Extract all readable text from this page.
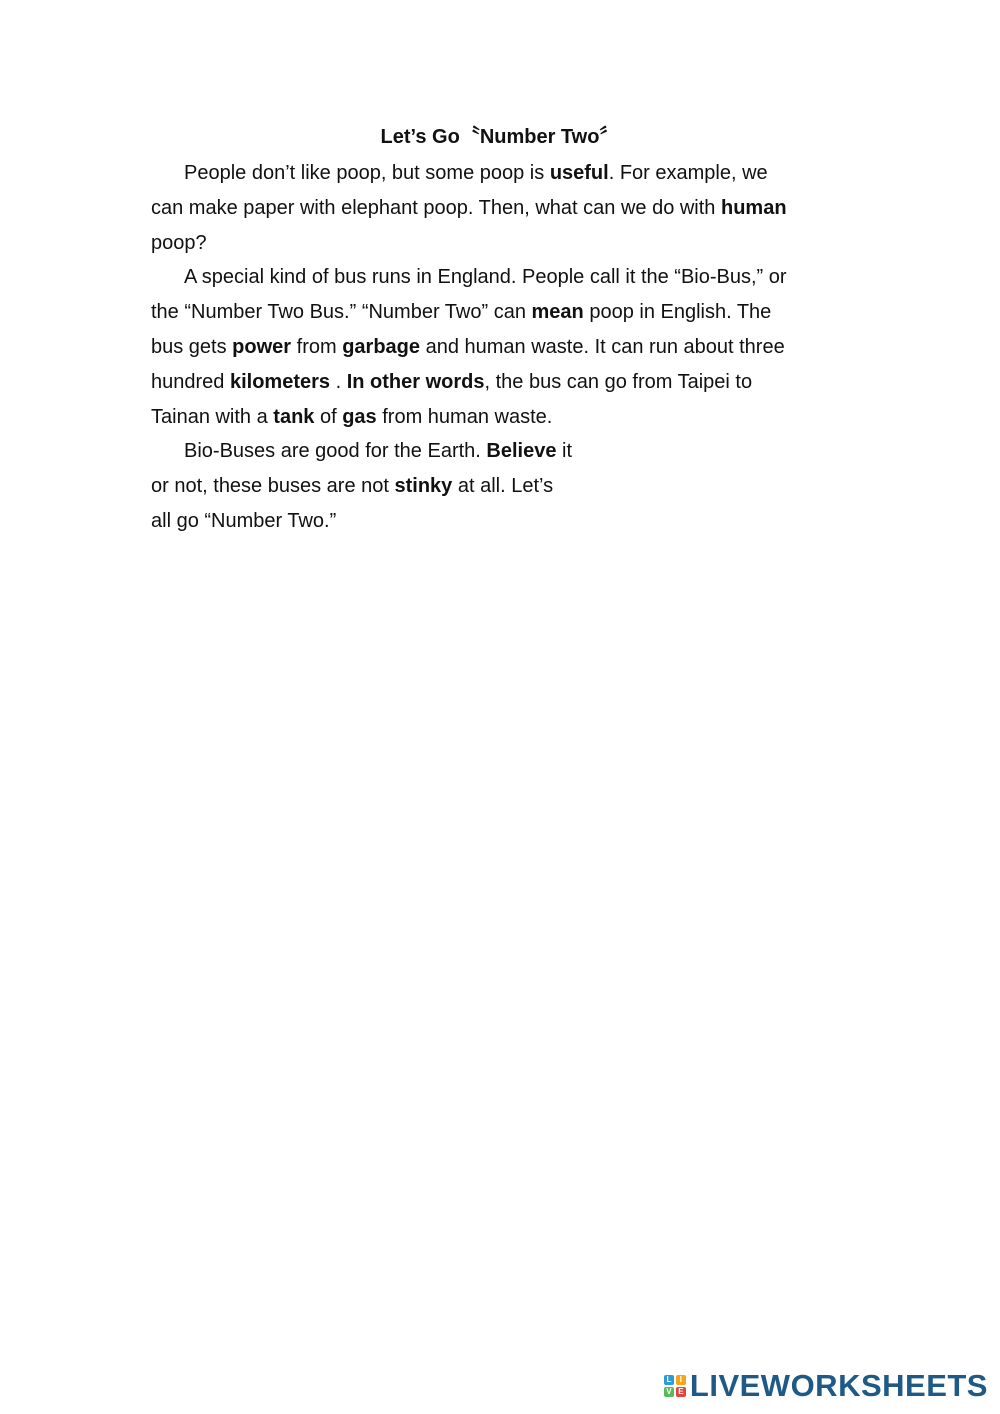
Let’s Go〝Number Two〞
People don’t like poop, but some poop is useful. For example, we
can make paper with elephant poop. Then, what can we do with human
poop?
A special kind of bus runs in England. People call it the “Bio-Bus,” or
the “Number Two Bus.” “Number Two” can mean poop in English. The
bus gets power from garbage and human waste. It can run about three
hundred kilometers . In other words, the bus can go from Taipei to
Tainan with a tank of gas from human waste.
Bio-Buses are good for the Earth. Believe it
or not, these buses are not stinky at all. Let’s
all go “Number Two.”
L	I
V E LIVEWORKSHEETS
